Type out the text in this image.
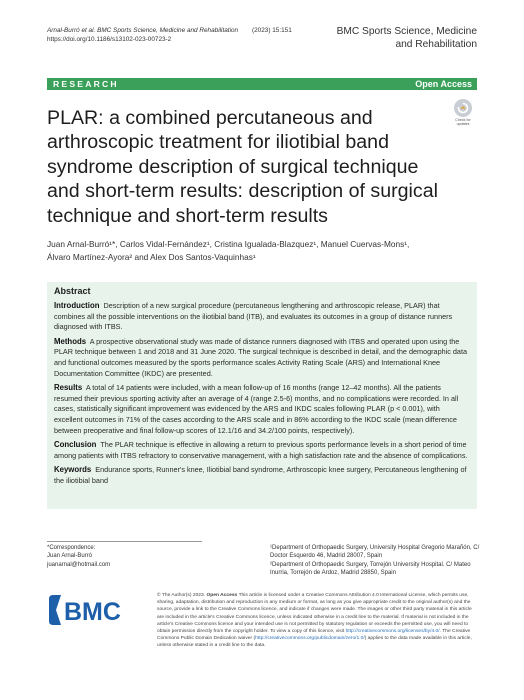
Arnal-Burró et al. BMC Sports Science, Medicine and Rehabilitation
https://doi.org/10.1186/s13102-023-00723-2
(2023) 15:151	BMC Sports Science, Medicine
and Rehabilitation
RESEARCH	Open Access
Check for updates
PLAR: a combined percutaneous and arthroscopic treatment for iliotibial band syndrome description of surgical technique and short-term results: description of surgical technique and short-term results
Juan Arnal-Burró¹*, Carlos Vidal-Fernández¹, Cristina Igualada-Blazquez¹, Manuel Cuervas-Mons¹,
Álvaro Martínez-Ayora² and Alex Dos Santos-Vaquinhas¹
Abstract
Introduction Description of a new surgical procedure (percutaneous lengthening and arthroscopic release, PLAR) that combines all the possible interventions on the iliotibial band (ITB), and evaluates its outcomes in a group of distance runners diagnosed with ITBS.
Methods A prospective observational study was made of distance runners diagnosed with ITBS and operated upon using the PLAR technique between 1 and 2018 and 31 June 2020. The surgical technique is described in detail, and the demographic data and functional outcomes measured by the sports performance scales Activity Rating Scale (ARS) and International Knee Documentation Committee (IKDC) are presented.
Results A total of 14 patients were included, with a mean follow-up of 16 months (range 12–42 months). All the patients resumed their previous sporting activity after an average of 4 (range 2.5-6) months, and no complications were recorded. In all cases, statistically significant improvement was evidenced by the ARS and IKDC scales following PLAR (p < 0.001), with excellent outcomes in 71% of the cases according to the ARS scale and in 86% according to the IKDC scale (mean difference between preoperative and final follow-up scores of 12.1/16 and 34.2/100 points, respectively).
Conclusion The PLAR technique is effective in allowing a return to previous sports performance levels in a short period of time among patients with ITBS refractory to conservative management, with a high satisfaction rate and the absence of complications.
Keywords Endurance sports, Runner's knee, Iliotibial band syndrome, Arthroscopic knee surgery, Percutaneous lengthening of the iliotibial band
*Correspondence:
Juan Arnal-Burró
juanarnal@hotmail.com
¹Department of Orthopaedic Surgery, University Hospital Gregorio Marañón, C/ Doctor Esquerdo 46, Madrid 28007, Spain
²Department of Orthopaedic Surgery, Torrejón University Hospital. C/ Mateo Inurria, Torrejón de Ardoz, Madrid 28850, Spain
BMC
© The Author(s) 2023. Open Access This article is licensed under a Creative Commons Attribution 4.0 International License, which permits use, sharing, adaptation, distribution and reproduction in any medium or format, as long as you give appropriate credit to the original author(s) and the source, provide a link to the Creative Commons licence, and indicate if changes were made. The images or other third party material in this article are included in the article's Creative Commons licence, unless indicated otherwise in a credit line to the material. If material is not included in the article's Creative Commons licence and your intended use is not permitted by statutory regulation or exceeds the permitted use, you will need to obtain permission directly from the copyright holder. To view a copy of this licence, visit http://creativecommons.org/licenses/by/4.0/. The Creative Commons Public Domain Dedication waiver (http://creativecommons.org/publicdomain/zero/1.0/) applies to the data made available in this article, unless otherwise stated in a credit line to the data.
